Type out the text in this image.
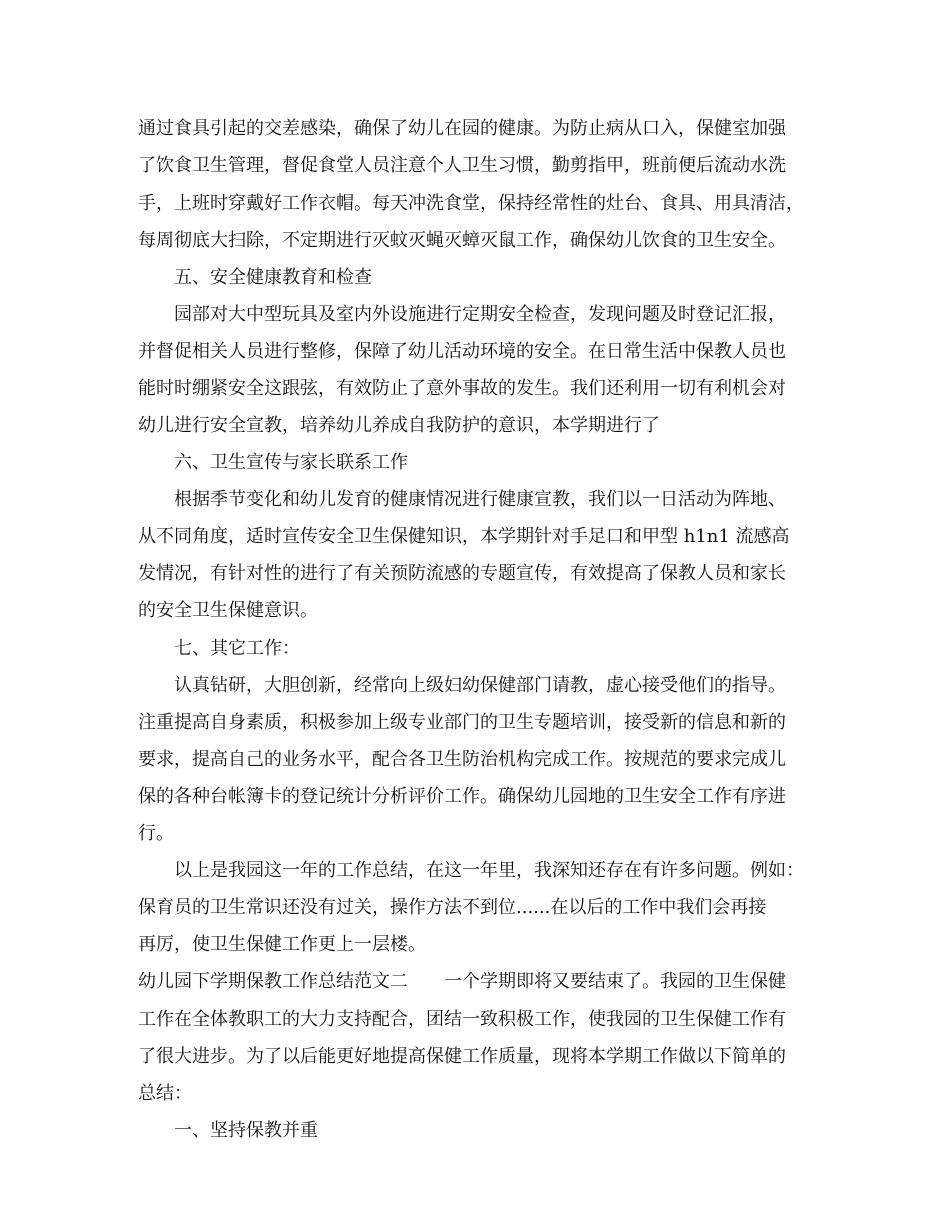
通过食具引起的交差感染，确保了幼儿在园的健康。为防止病从口入，保健室加强
了饮食卫生管理，督促食堂人员注意个人卫生习惯，勤剪指甲，班前便后流动水洗
手，上班时穿戴好工作衣帽。每天冲洗食堂，保持经常性的灶台、食具、用具清洁，
每周彻底大扫除，不定期进行灭蚊灭蝇灭蟑灭鼠工作，确保幼儿饮食的卫生安全。
五、安全健康教育和检查
园部对大中型玩具及室内外设施进行定期安全检查，发现问题及时登记汇报，
并督促相关人员进行整修，保障了幼儿活动环境的安全。在日常生活中保教人员也
能时时绷紧安全这跟弦，有效防止了意外事故的发生。我们还利用一切有利机会对
幼儿进行安全宣教，培养幼儿养成自我防护的意识，本学期进行了
六、卫生宣传与家长联系工作
根据季节变化和幼儿发育的健康情况进行健康宣教，我们以一日活动为阵地、
从不同角度，适时宣传安全卫生保健知识，本学期针对手足口和甲型 h1n1 流感高
发情况，有针对性的进行了有关预防流感的专题宣传，有效提高了保教人员和家长
的安全卫生保健意识。
七、其它工作：
认真钻研，大胆创新，经常向上级妇幼保健部门请教，虚心接受他们的指导。
注重提高自身素质，积极参加上级专业部门的卫生专题培训，接受新的信息和新的
要求，提高自己的业务水平，配合各卫生防治机构完成工作。按规范的要求完成儿
保的各种台帐簿卡的登记统计分析评价工作。确保幼儿园地的卫生安全工作有序进
行。
以上是我园这一年的工作总结，在这一年里，我深知还存在有许多问题。例如：
保育员的卫生常识还没有过关，操作方法不到位......在以后的工作中我们会再接
再厉，使卫生保健工作更上一层楼。
幼儿园下学期保教工作总结范文二　　一个学期即将又要结束了。我园的卫生保健
工作在全体教职工的大力支持配合，团结一致积极工作，使我园的卫生保健工作有
了很大进步。为了以后能更好地提高保健工作质量，现将本学期工作做以下简单的
总结：
一、坚持保教并重
